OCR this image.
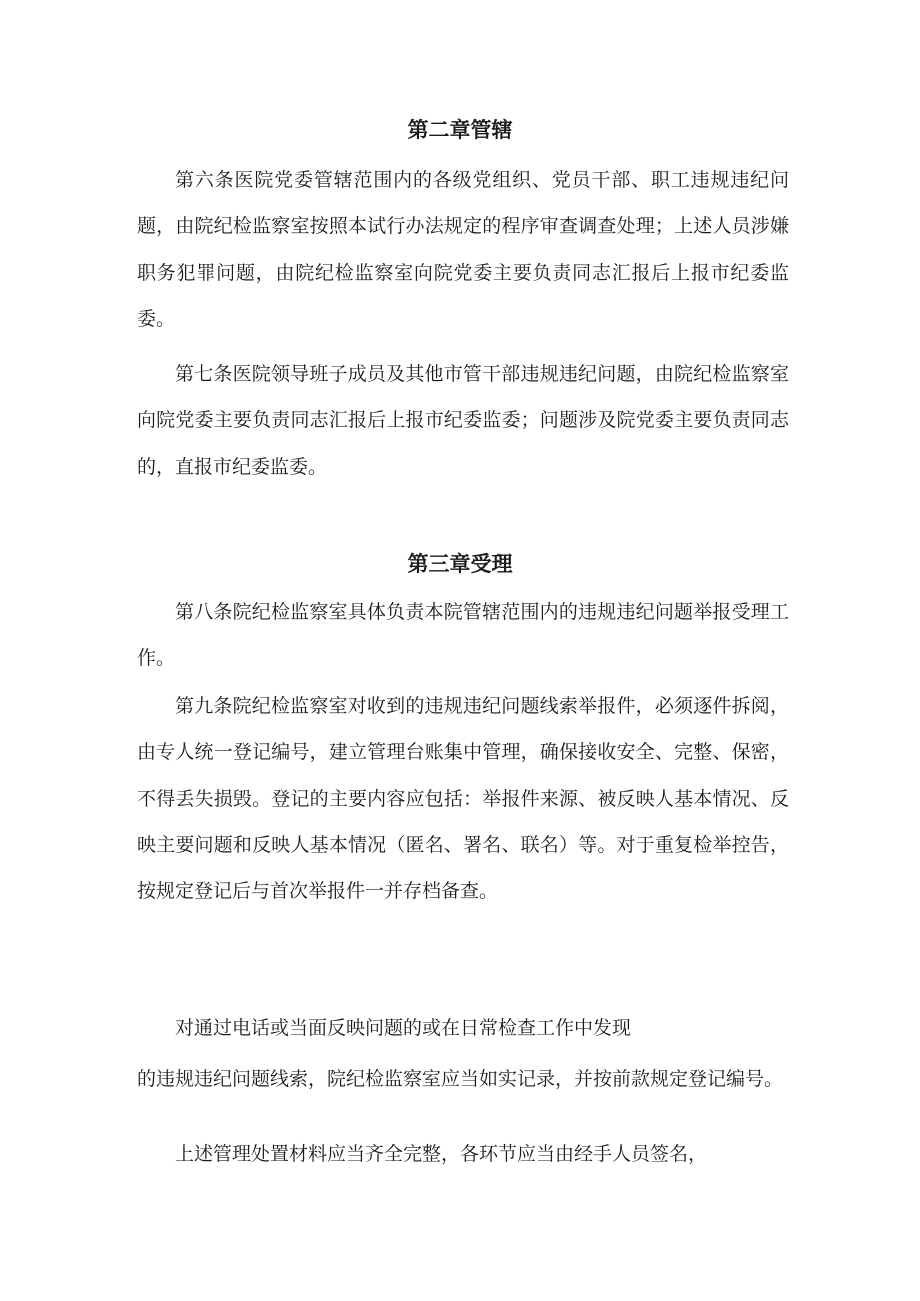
第二章管辖

第六条医院党委管辖范围内的各级党组织、党员干部、职工违规违纪问题，由院纪检监察室按照本试行办法规定的程序审查调查处理；上述人员涉嫌职务犯罪问题，由院纪检监察室向院党委主要负责同志汇报后上报市纪委监委。

第七条医院领导班子成员及其他市管干部违规违纪问题，由院纪检监察室向院党委主要负责同志汇报后上报市纪委监委；问题涉及院党委主要负责同志的，直报市纪委监委。

第三章受理

第八条院纪检监察室具体负责本院管辖范围内的违规违纪问题举报受理工作。

第九条院纪检监察室对收到的违规违纪问题线索举报件，必须逐件拆阅，由专人统一登记编号，建立管理台账集中管理，确保接收安全、完整、保密，不得丢失损毁。登记的主要内容应包括：举报件来源、被反映人基本情况、反映主要问题和反映人基本情况（匿名、署名、联名）等。对于重复检举控告，按规定登记后与首次举报件一并存档备查。

对通过电话或当面反映问题的或在日常检查工作中发现

的违规违纪问题线索，院纪检监察室应当如实记录，并按前款规定登记编号。

上述管理处置材料应当齐全完整，各环节应当由经手人员签名，
